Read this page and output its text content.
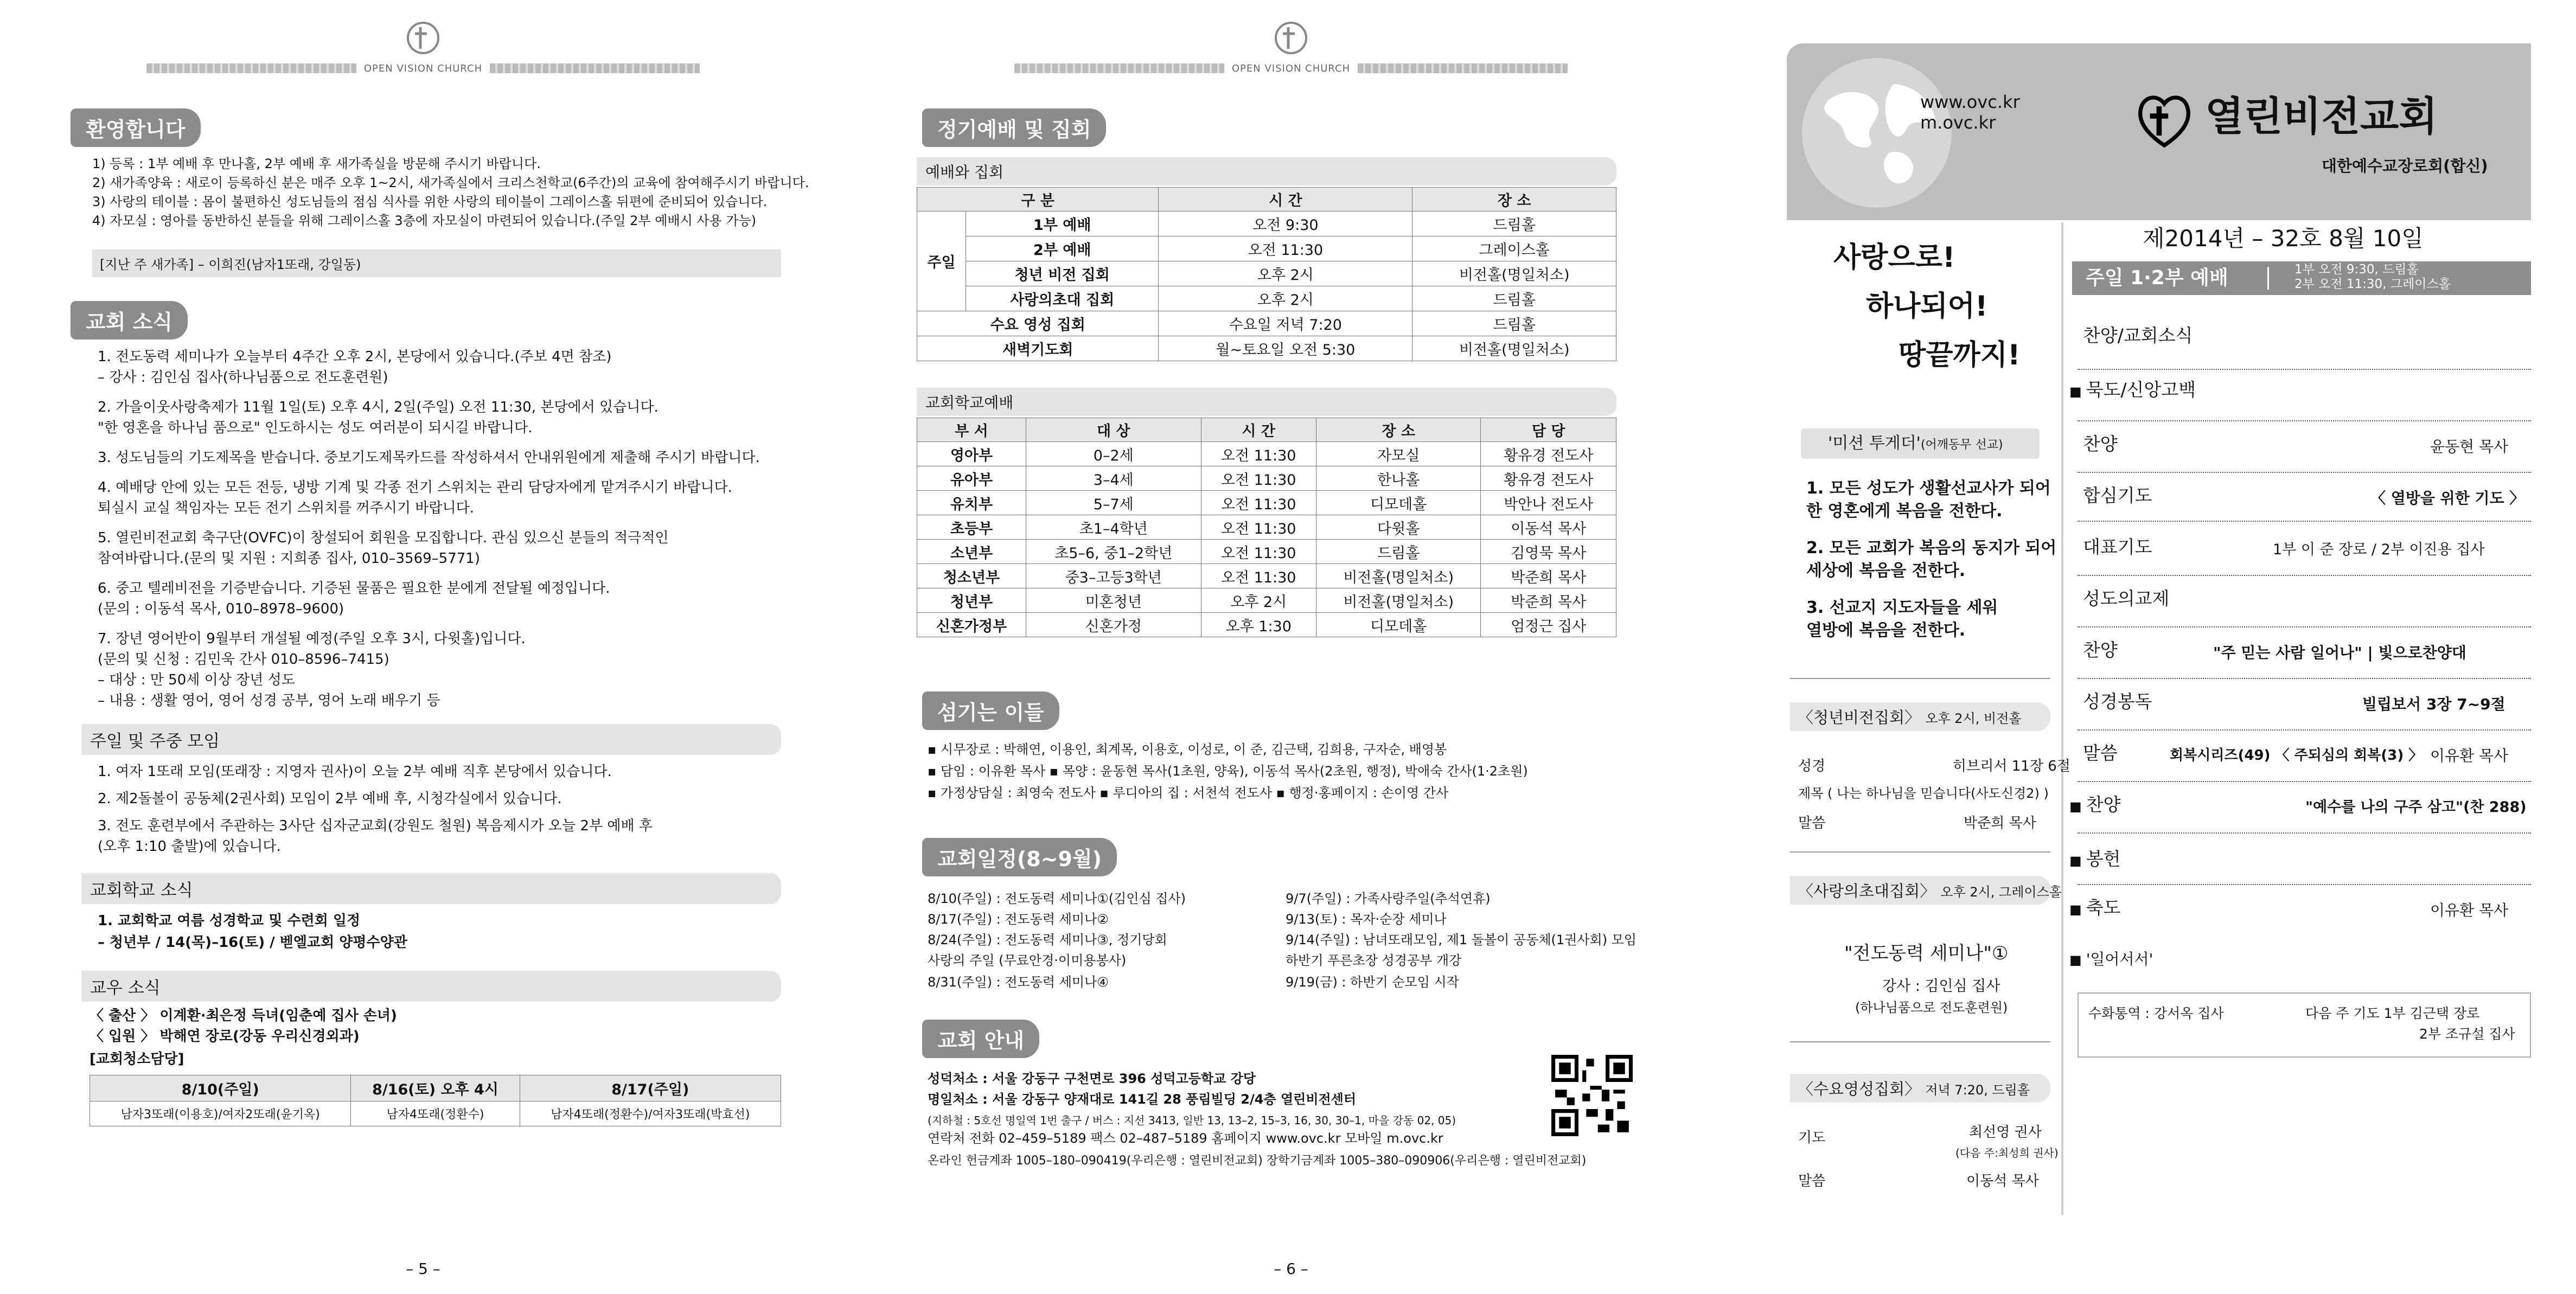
OPEN VISION CHURCH
환영합니다
1) 등록 : 1부 예배 후 만나홀, 2부 예배 후 새가족실을 방문해 주시기 바랍니다.
2) 새가족양육 : 새로이 등록하신 분은 매주 오후 1~2시, 새가족실에서 크리스천학교(6주간)의 교육에 참여해주시기 바랍니다.
3) 사랑의 테이블 : 몸이 불편하신 성도님들의 점심 식사를 위한 사랑의 테이블이 그레이스홀 뒤편에 준비되어 있습니다.
4) 자모실 : 영아를 동반하신 분들을 위해 그레이스홀 3층에 자모실이 마련되어 있습니다.(주일 2부 예배시 사용 가능)
[지난 주 새가족] – 이희진(남자1또래, 강일동)
교회 소식
1. 전도동력 세미나가 오늘부터 4주간 오후 2시, 본당에서 있습니다.(주보 4면 참조)
– 강사 : 김인심 집사(하나님품으로 전도훈련원)
2. 가을이웃사랑축제가 11월 1일(토) 오후 4시, 2일(주일) 오전 11:30, 본당에서 있습니다.
"한 영혼을 하나님 품으로" 인도하시는 성도 여러분이 되시길 바랍니다.
3. 성도님들의 기도제목을 받습니다. 중보기도제목카드를 작성하셔서 안내위원에게 제출해 주시기 바랍니다.
4. 예배당 안에 있는 모든 전등, 냉방 기계 및 각종 전기 스위치는 관리 담당자에게 맡겨주시기 바랍니다.
퇴실시 교실 책임자는 모든 전기 스위치를 꺼주시기 바랍니다.
5. 열린비전교회 축구단(OVFC)이 창설되어 회원을 모집합니다. 관심 있으신 분들의 적극적인
참여바랍니다.(문의 및 지원 : 지희종 집사, 010–3569–5771)
6. 중고 텔레비전을 기증받습니다. 기증된 물품은 필요한 분에게 전달될 예정입니다.
(문의 : 이동석 목사, 010–8978–9600)
7. 장년 영어반이 9월부터 개설될 예정(주일 오후 3시, 다윗홀)입니다.
(문의 및 신청 : 김민욱 간사 010–8596–7415)
– 대상 : 만 50세 이상 장년 성도
– 내용 : 생활 영어, 영어 성경 공부, 영어 노래 배우기 등
주일 및 주중 모임
1. 여자 1또래 모임(또래장 : 지영자 권사)이 오늘 2부 예배 직후 본당에서 있습니다.
2. 제2돌볼이 공동체(2권사회) 모임이 2부 예배 후, 시청각실에서 있습니다.
3. 전도 훈련부에서 주관하는 3사단 십자군교회(강원도 철원) 복음제시가 오늘 2부 예배 후
(오후 1:10 출발)에 있습니다.
교회학교 소식
1. 교회학교 여름 성경학교 및 수련회 일정
– 청년부 / 14(목)–16(토) / 벧엘교회 양평수양관
교우 소식
〈 출산 〉 이계환·최은정 득녀(임춘예 집사 손녀)
〈 입원 〉 박해연 장로(강동 우리신경외과)
[교회청소담당]
8/10(주일)	8/16(토) 오후 4시	8/17(주일)
남자3또래(이용호)/여자2또래(윤기옥)	남자4또래(정환수)	남자4또래(정환수)/여자3또래(박효선)
– 5 –
OPEN VISION CHURCH
정기예배 및 집회
예배와 집회
구 분		시 간	장 소
주일	1부 예배	오전 9:30	드림홀
	2부 예배	오전 11:30	그레이스홀
	청년 비전 집회	오후 2시	비전홀(명일처소)
	사랑의초대 집회	오후 2시	드림홀
수요 영성 집회		수요일 저녁 7:20	드림홀
새벽기도회		월~토요일 오전 5:30	비전홀(명일처소)
교회학교예배
부 서	대 상	시 간	장 소	담 당
영아부	0–2세	오전 11:30	자모실	황유경 전도사
유아부	3–4세	오전 11:30	한나홀	황유경 전도사
유치부	5–7세	오전 11:30	디모데홀	박안나 전도사
초등부	초1–4학년	오전 11:30	다윗홀	이동석 목사
소년부	초5–6, 중1–2학년	오전 11:30	드림홀	김영묵 목사
청소년부	중3–고등3학년	오전 11:30	비전홀(명일처소)	박준희 목사
청년부	미혼청년	오후 2시	비전홀(명일처소)	박준희 목사
신혼가정부	신혼가정	오후 1:30	디모데홀	엄정근 집사
섬기는 이들
▪ 시무장로 : 박해연, 이용인, 최계목, 이용호, 이성로, 이 준, 김근택, 김희용, 구자순, 배영봉
▪ 담임 : 이유환 목사 ▪ 목양 : 윤동현 목사(1초원, 양육), 이동석 목사(2초원, 행정), 박애숙 간사(1·2초원)
▪ 가정상담실 : 최영숙 전도사 ▪ 루디아의 집 : 서천석 전도사 ▪ 행정·홍페이지 : 손이영 간사
교회일정(8~9월)
8/10(주일) : 전도동력 세미나①(김인심 집사)
8/17(주일) : 전도동력 세미나②
8/24(주일) : 전도동력 세미나③, 정기당회
사랑의 주일 (무료안경·이미용봉사)
8/31(주일) : 전도동력 세미나④
9/7(주일) : 가족사랑주일(추석연휴)
9/13(토) : 목자·순장 세미나
9/14(주일) : 남녀또래모임, 제1 돌볼이 공동체(1권사회) 모임
하반기 푸른초장 성경공부 개강
9/19(금) : 하반기 순모임 시작
교회 안내
성덕처소 : 서울 강동구 구천면로 396 성덕고등학교 강당
명일처소 : 서울 강동구 양재대로 141길 28 풍림빌딩 2/4층 열린비전센터
(지하철 : 5호선 명일역 1번 출구 / 버스 : 지선 3413, 일반 13, 13–2, 15–3, 16, 30, 30–1, 마을 강동 02, 05)
연락처 전화 02–459–5189 팩스 02–487–5189 홈페이지 www.ovc.kr 모바일 m.ovc.kr
온라인 헌금계좌 1005–180–090419(우리은행 : 열린비전교회) 장학기금계좌 1005–380–090906(우리은행 : 열린비전교회)
– 6 –
www.ovc.kr
m.ovc.kr	열린비전교회
대한예수교장로회(합신)
제2014년 – 32호 8월 10일
주일 1·2부 예배	1부 오전 9:30, 드림홀
2부 오전 11:30, 그레이스홀
사랑으로!
하나되어!
땅끝까지!
'미션 투게더'(어깨동무 선교)
1. 모든 성도가 생활선교사가 되어
한 영혼에게 복음을 전한다.
2. 모든 교회가 복음의 동지가 되어
세상에 복음을 전한다.
3. 선교지 지도자들을 세워
열방에 복음을 전한다.
〈청년비전집회〉 오후 2시, 비전홀
성경	히브리서 11장 6절
제목 ( 나는 하나님을 믿습니다(사도신경2) )
말씀	박준희 목사
〈사랑의초대집회〉 오후 2시, 그레이스홀
"전도동력 세미나"①
강사 : 김인심 집사
(하나님품으로 전도훈련원)
〈수요영성집회〉 저녁 7:20, 드림홀
기도	최선영 권사
(다음 주:최성희 권사)
말씀	이동석 목사
찬양/교회소식
■ 묵도/신앙고백
찬양	윤동현 목사
합심기도	〈 열방을 위한 기도 〉
대표기도	1부 이 준 장로 / 2부 이진용 집사
성도의교제
찬양	"주 믿는 사람 일어나" | 빛으로찬양대
성경봉독	빌립보서 3장 7~9절
말씀	회복시리즈(49) 〈 주되심의 회복(3) 〉 이유환 목사
■ 찬양	"예수를 나의 구주 삼고"(찬 288)
■ 봉헌
■ 축도	이유환 목사
■ '일어서서'
수화통역 : 강서옥 집사	다음 주 기도 1부 김근택 장로
2부 조규설 집사
